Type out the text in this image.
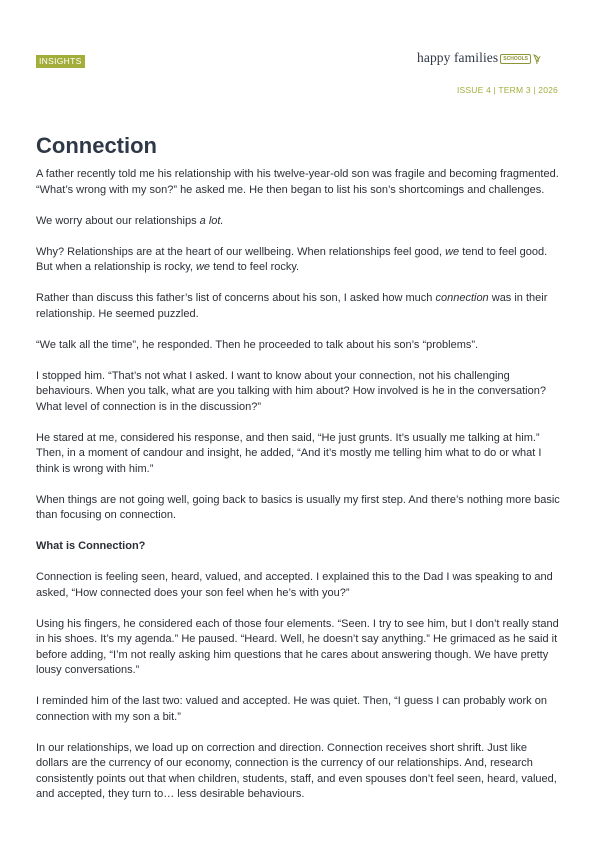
INSIGHTS	happy families	SCHOOLS
ISSUE 4 | TERM 3 | 2026
Connection

A father recently told me his relationship with his twelve-year-old son was fragile and becoming fragmented. “What’s wrong with my son?” he asked me. He then began to list his son’s shortcomings and challenges.

We worry about our relationships a lot.

Why? Relationships are at the heart of our wellbeing. When relationships feel good, we tend to feel good. But when a relationship is rocky, we tend to feel rocky.

Rather than discuss this father’s list of concerns about his son, I asked how much connection was in their relationship. He seemed puzzled.

“We talk all the time”, he responded. Then he proceeded to talk about his son’s “problems”.

I stopped him. “That’s not what I asked. I want to know about your connection, not his challenging behaviours. When you talk, what are you talking with him about? How involved is he in the conversation? What level of connection is in the discussion?”

He stared at me, considered his response, and then said, “He just grunts. It’s usually me talking at him.” Then, in a moment of candour and insight, he added, “And it’s mostly me telling him what to do or what I think is wrong with him.”

When things are not going well, going back to basics is usually my first step. And there’s nothing more basic than focusing on connection.

What is Connection?

Connection is feeling seen, heard, valued, and accepted. I explained this to the Dad I was speaking to and asked, “How connected does your son feel when he’s with you?”

Using his fingers, he considered each of those four elements. “Seen. I try to see him, but I don’t really stand in his shoes. It’s my agenda.” He paused. “Heard. Well, he doesn’t say anything.” He grimaced as he said it before adding, “I’m not really asking him questions that he cares about answering though. We have pretty lousy conversations.”

I reminded him of the last two: valued and accepted. He was quiet. Then, “I guess I can probably work on connection with my son a bit.”

In our relationships, we load up on correction and direction. Connection receives short shrift. Just like dollars are the currency of our economy, connection is the currency of our relationships. And, research consistently points out that when children, students, staff, and even spouses don’t feel seen, heard, valued, and accepted, they turn to… less desirable behaviours.
